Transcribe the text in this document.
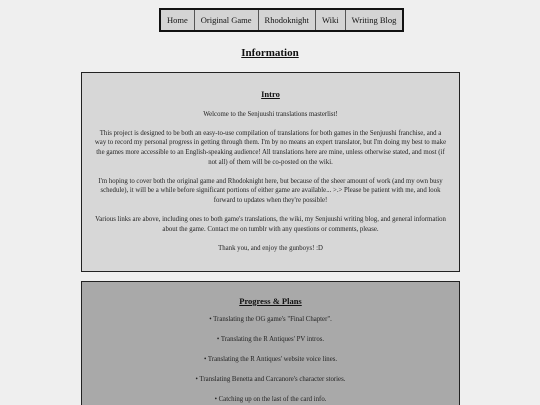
Home	Original Game	Rhodoknight	Wiki	Writing Blog
Information
Intro

Welcome to the Senjuushi translations masterlist!

This project is designed to be both an easy-to-use compilation of translations for both games in the Senjuushi franchise, and a way to record my personal progress in getting through them. I'm by no means an expert translator, but I'm doing my best to make the games more accessible to an English-speaking audience! All translations here are mine, unless otherwise stated, and most (if not all) of them will be co-posted on the wiki.

I'm hoping to cover both the original game and Rhodoknight here, but because of the sheer amount of work (and my own busy schedule), it will be a while before significant portions of either game are available... >.> Please be patient with me, and look forward to updates when they're possible!

Various links are above, including ones to both game's translations, the wiki, my Senjuushi writing blog, and general information about the game. Contact me on tumblr with any questions or comments, please.

Thank you, and enjoy the gunboys! :D

Progress & Plans
• Translating the OG game's "Final Chapter".
• Translating the R Antiques' PV intros.
• Translating the R Antiques' website voice lines.
• Translating Benetta and Carcanore's character stories.
• Catching up on the last of the card info.
